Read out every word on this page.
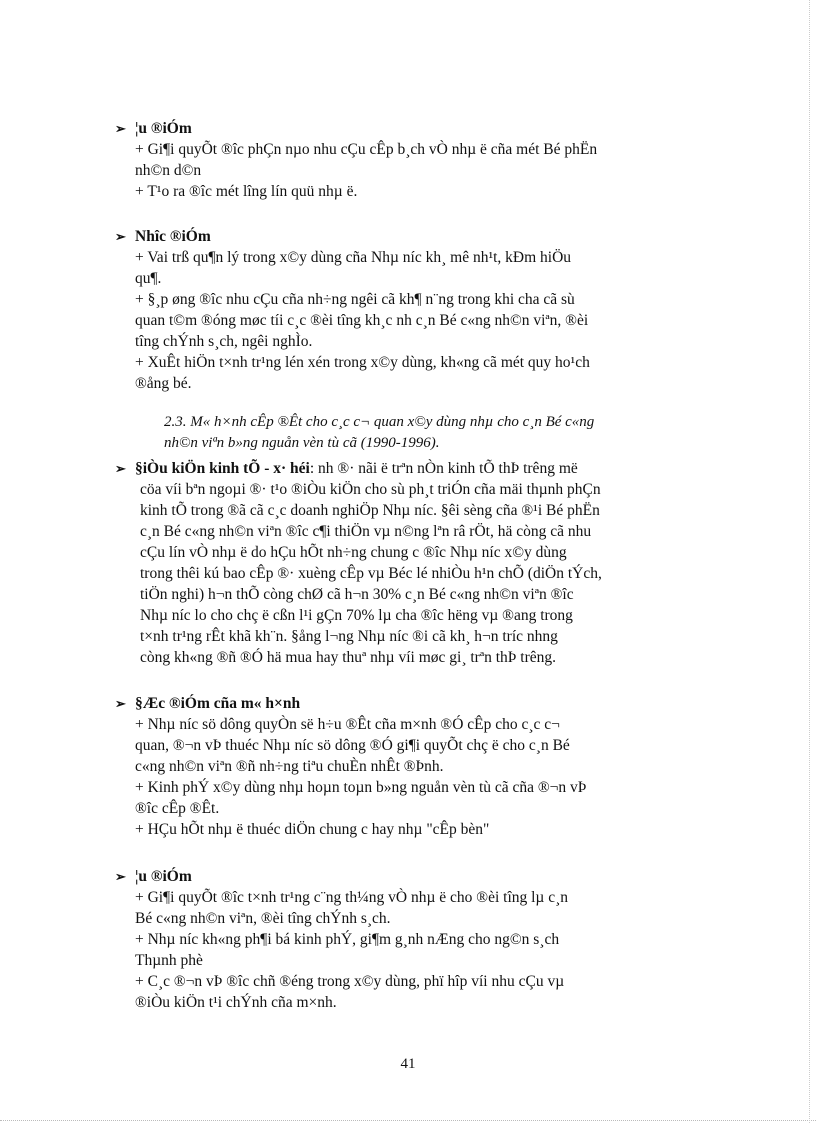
➢ ¦u ®iÓm
+ Gi¶i quyÕt ®îc phÇn nµo nhu cÇu cÊp b¸ch vÒ nhµ ë cña mét Bé phËn
nh©n d©n
+ T¹o ra ®îc mét lîng lín quü nhµ ë.
➢ Nhîc ®iÓm
+ Vai trß qu¶n lý trong x©y dùng cña Nhµ níc kh¸ mê nh¹t, kÐm hiÖu
qu¶.
+ §¸p øng ®îc nhu cÇu cña nh÷ng ngêi cã kh¶ n¨ng trong khi cha cã sù
quan t©m ®óng møc tíi c¸c ®èi tîng kh¸c nh c¸n Bé c«ng nh©n viªn, ®èi
tîng chÝnh s¸ch, ngêi nghÌo.
+ XuÊt hiÖn t×nh tr¹ng lén xén trong x©y dùng, kh«ng cã mét quy ho¹ch
®ång bé.
2.3. M« h×nh cÊp ®Êt cho c¸c c¬ quan x©y dùng nhµ cho c¸n Bé c«ng
nh©n viªn b»ng nguån vèn tù cã (1990-1996).
➢ §iÒu kiÖn kinh tÕ - x· héi : nh ®· nãi ë trªn nÒn kinh tÕ thÞ trêng më
cöa víi bªn ngoµi ®· t¹o ®iÒu kiÖn cho sù ph¸t triÓn cña mäi thµnh phÇn
kinh tÕ trong ®ã cã c¸c doanh nghiÖp Nhµ níc. §êi sèng cña ®¹i Bé phËn
c¸n Bé c«ng nh©n viªn ®îc c¶i thiÖn vµ n©ng lªn râ rÖt, hä còng cã nhu
cÇu lín vÒ nhµ ë do hÇu hÕt nh÷ng chung c ®îc Nhµ níc x©y dùng
trong thêi kú bao cÊp ®· xuèng cÊp vµ Béc lé nhiÒu h¹n chÕ (diÖn tÝch,
tiÖn nghi) h¬n thÕ còng chØ cã h¬n 30% c¸n Bé c«ng nh©n viªn ®îc
Nhµ níc lo cho chç ë cßn l¹i gÇn 70% lµ cha ®îc hëng vµ ®ang trong
t×nh tr¹ng rÊt khã kh¨n. §ång l¬ng Nhµ níc ®i cã kh¸ h¬n tríc nhng
còng kh«ng ®ñ ®Ó hä mua hay thuª nhµ víi møc gi¸ trªn thÞ trêng.
➢ §Æc ®iÓm cña m« h×nh
+ Nhµ níc sö dông quyÒn së h÷u ®Êt cña m×nh ®Ó cÊp cho c¸c c¬
quan, ®¬n vÞ thuéc Nhµ níc sö dông ®Ó gi¶i quyÕt chç ë cho c¸n Bé
c«ng nh©n viªn ®ñ nh÷ng tiªu chuÈn nhÊt ®Þnh.
+ Kinh phÝ x©y dùng nhµ hoµn toµn b»ng nguån vèn tù cã cña ®¬n vÞ
®îc cÊp ®Êt.
+ HÇu hÕt nhµ ë thuéc diÖn chung c hay nhµ "cÊp bèn"
➢ ¦u ®iÓm
+ Gi¶i quyÕt ®îc t×nh tr¹ng c¨ng th¼ng vÒ nhµ ë cho ®èi tîng lµ c¸n
Bé c«ng nh©n viªn, ®èi tîng chÝnh s¸ch.
+ Nhµ níc kh«ng ph¶i bá kinh phÝ, gi¶m g¸nh nÆng cho ng©n s¸ch
Thµnh phè
+ C¸c ®¬n vÞ ®îc chñ ®éng trong x©y dùng, phï hîp víi nhu cÇu vµ
®iÒu kiÖn t¹i chÝnh cña m×nh.
41
